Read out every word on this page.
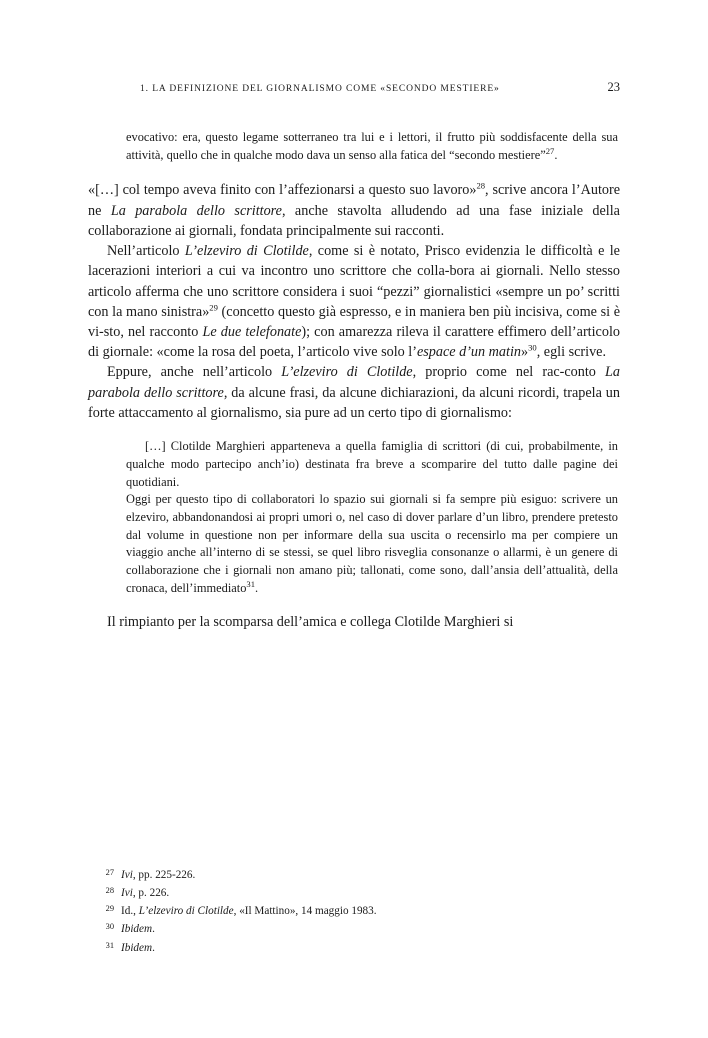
1. LA DEFINIZIONE DEL GIORNALISMO COME «SECONDO MESTIERE»	23

evocativo: era, questo legame sotterraneo tra lui e i lettori, il frutto più soddisfacente della sua attività, quello che in qualche modo dava un senso alla fatica del “secondo mestiere”$^{27}$.

«[…] col tempo aveva finito con l’affezionarsi a questo suo lavoro»$^{28}$, scrive ancora l’Autore ne La parabola dello scrittore, anche stavolta alludendo ad una fase iniziale della collaborazione ai giornali, fondata principalmente sui racconti.

Nell’articolo L’elzeviro di Clotilde, come si è notato, Prisco evidenzia le difficoltà e le lacerazioni interiori a cui va incontro uno scrittore che colla-bora ai giornali. Nello stesso articolo afferma che uno scrittore considera i suoi “pezzi” giornalistici «sempre un po’ scritti con la mano sinistra»$^{29}$ (concetto questo già espresso, e in maniera ben più incisiva, come si è vi-sto, nel racconto Le due telefonate); con amarezza rileva il carattere effimero dell’articolo di giornale: «come la rosa del poeta, l’articolo vive solo l’espace d’un matin»$^{30}$, egli scrive.

Eppure, anche nell’articolo L’elzeviro di Clotilde, proprio come nel rac-conto La parabola dello scrittore, da alcune frasi, da alcune dichiarazioni, da alcuni ricordi, trapela un forte attaccamento al giornalismo, sia pure ad un certo tipo di giornalismo:

[…] Clotilde Marghieri apparteneva a quella famiglia di scrittori (di cui, probabilmente, in qualche modo partecipo anch’io) destinata fra breve a scomparire del tutto dalle pagine dei quotidiani.

Oggi per questo tipo di collaboratori lo spazio sui giornali si fa sempre più esiguo: scrivere un elzeviro, abbandonandosi ai propri umori o, nel caso di dover parlare d’un libro, prendere pretesto dal volume in questione non per informare della sua uscita o recensirlo ma per compiere un viaggio anche all’interno di se stessi, se quel libro risveglia consonanze o allarmi, è un genere di collaborazione che i giornali non amano più; tallonati, come sono, dall’ansia dell’attualità, della cronaca, dell’immediato$^{31}$.

Il rimpianto per la scomparsa dell’amica e collega Clotilde Marghieri si

27 Ivi, pp. 225-226.
28 Ivi, p. 226.
29 Id., L’elzeviro di Clotilde, «Il Mattino», 14 maggio 1983.
30 Ibidem.
31 Ibidem.
